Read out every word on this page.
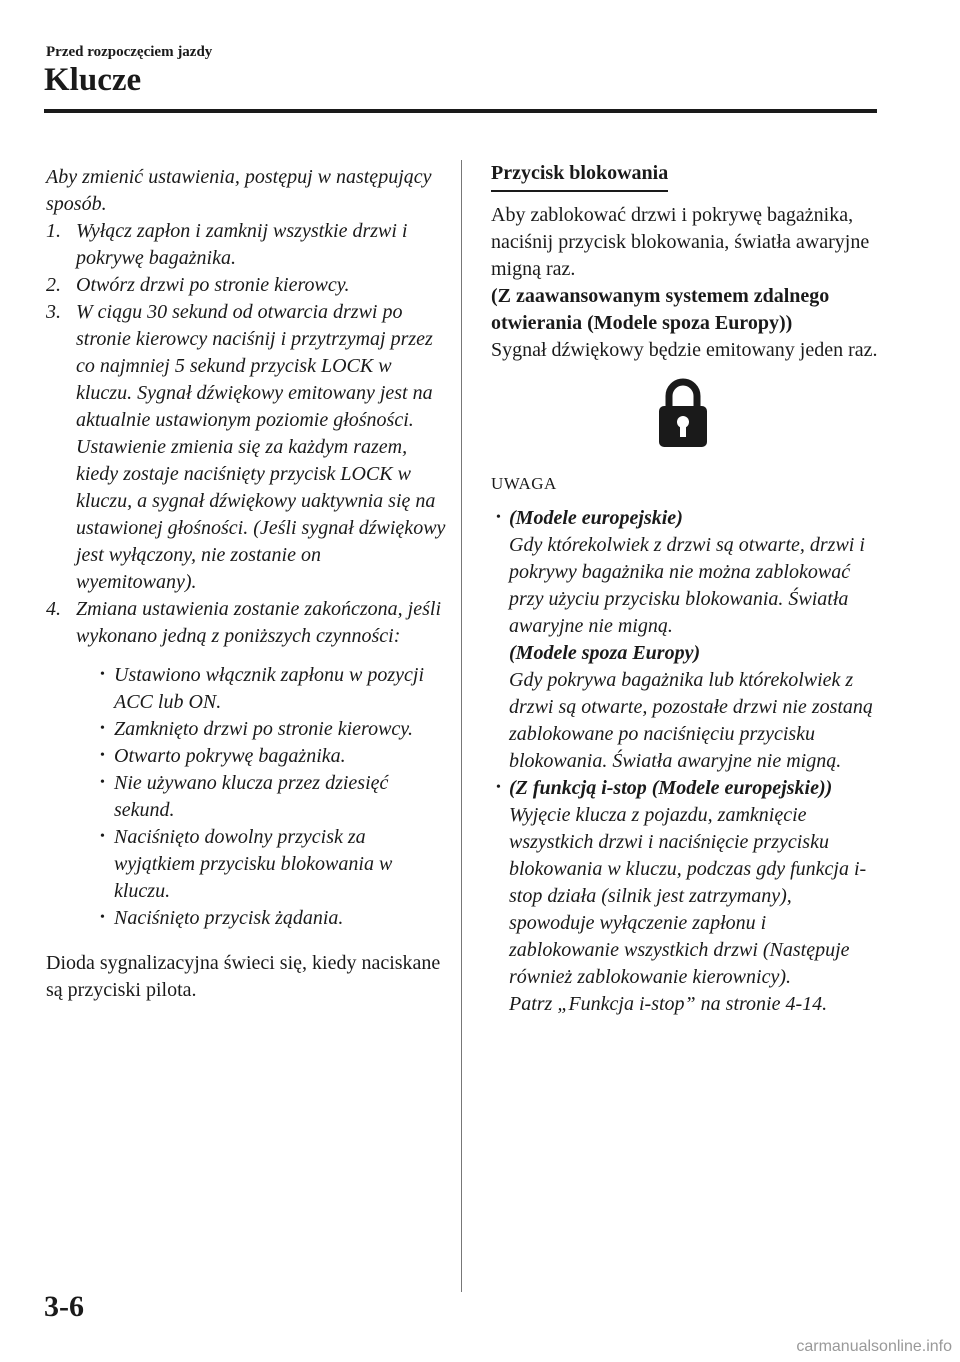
Przed rozpoczęciem jazdy
Klucze
Aby zmienić ustawienia, postępuj w następujący sposób.
1. Wyłącz zapłon i zamknij wszystkie drzwi i pokrywę bagażnika.
2. Otwórz drzwi po stronie kierowcy.
3. W ciągu 30 sekund od otwarcia drzwi po stronie kierowcy naciśnij i przytrzymaj przez co najmniej 5 sekund przycisk LOCK w kluczu. Sygnał dźwiękowy emitowany jest na aktualnie ustawionym poziomie głośności. Ustawienie zmienia się za każdym razem, kiedy zostaje naciśnięty przycisk LOCK w kluczu, a sygnał dźwiękowy uaktywnia się na ustawionej głośności. (Jeśli sygnał dźwiękowy jest wyłączony, nie zostanie on wyemitowany).
4. Zmiana ustawienia zostanie zakończona, jeśli wykonano jedną z poniższych czynności:
• Ustawiono włącznik zapłonu w pozycji ACC lub ON.
• Zamknięto drzwi po stronie kierowcy.
• Otwarto pokrywę bagażnika.
• Nie używano klucza przez dziesięć sekund.
• Naciśnięto dowolny przycisk za wyjątkiem przycisku blokowania w kluczu.
• Naciśnięto przycisk żądania.
Dioda sygnalizacyjna świeci się, kiedy naciskane są przyciski pilota.
Przycisk blokowania

Aby zablokować drzwi i pokrywę bagażnika, naciśnij przycisk blokowania, światła awaryjne migną raz.

(Z zaawansowanym systemem zdalnego otwierania (Modele spoza Europy))

Sygnał dźwiękowy będzie emitowany jeden raz.

UWAGA
• (Modele europejskie)
Gdy którekolwiek z drzwi są otwarte, drzwi i pokrywy bagażnika nie można zablokować przy użyciu przycisku blokowania. Światła awaryjne nie migną.
(Modele spoza Europy)
Gdy pokrywa bagażnika lub którekolwiek z drzwi są otwarte, pozostałe drzwi nie zostaną zablokowane po naciśnięciu przycisku blokowania. Światła awaryjne nie migną.
• (Z funkcją i-stop (Modele europejskie))
Wyjęcie klucza z pojazdu, zamknięcie wszystkich drzwi i naciśnięcie przycisku blokowania w kluczu, podczas gdy funkcja i-stop działa (silnik jest zatrzymany), spowoduje wyłączenie zapłonu i zablokowanie wszystkich drzwi (Następuje również zablokowanie kierownicy).
Patrz „Funkcja i-stop” na stronie 4-14.
3-6
carmanualsonline.info
